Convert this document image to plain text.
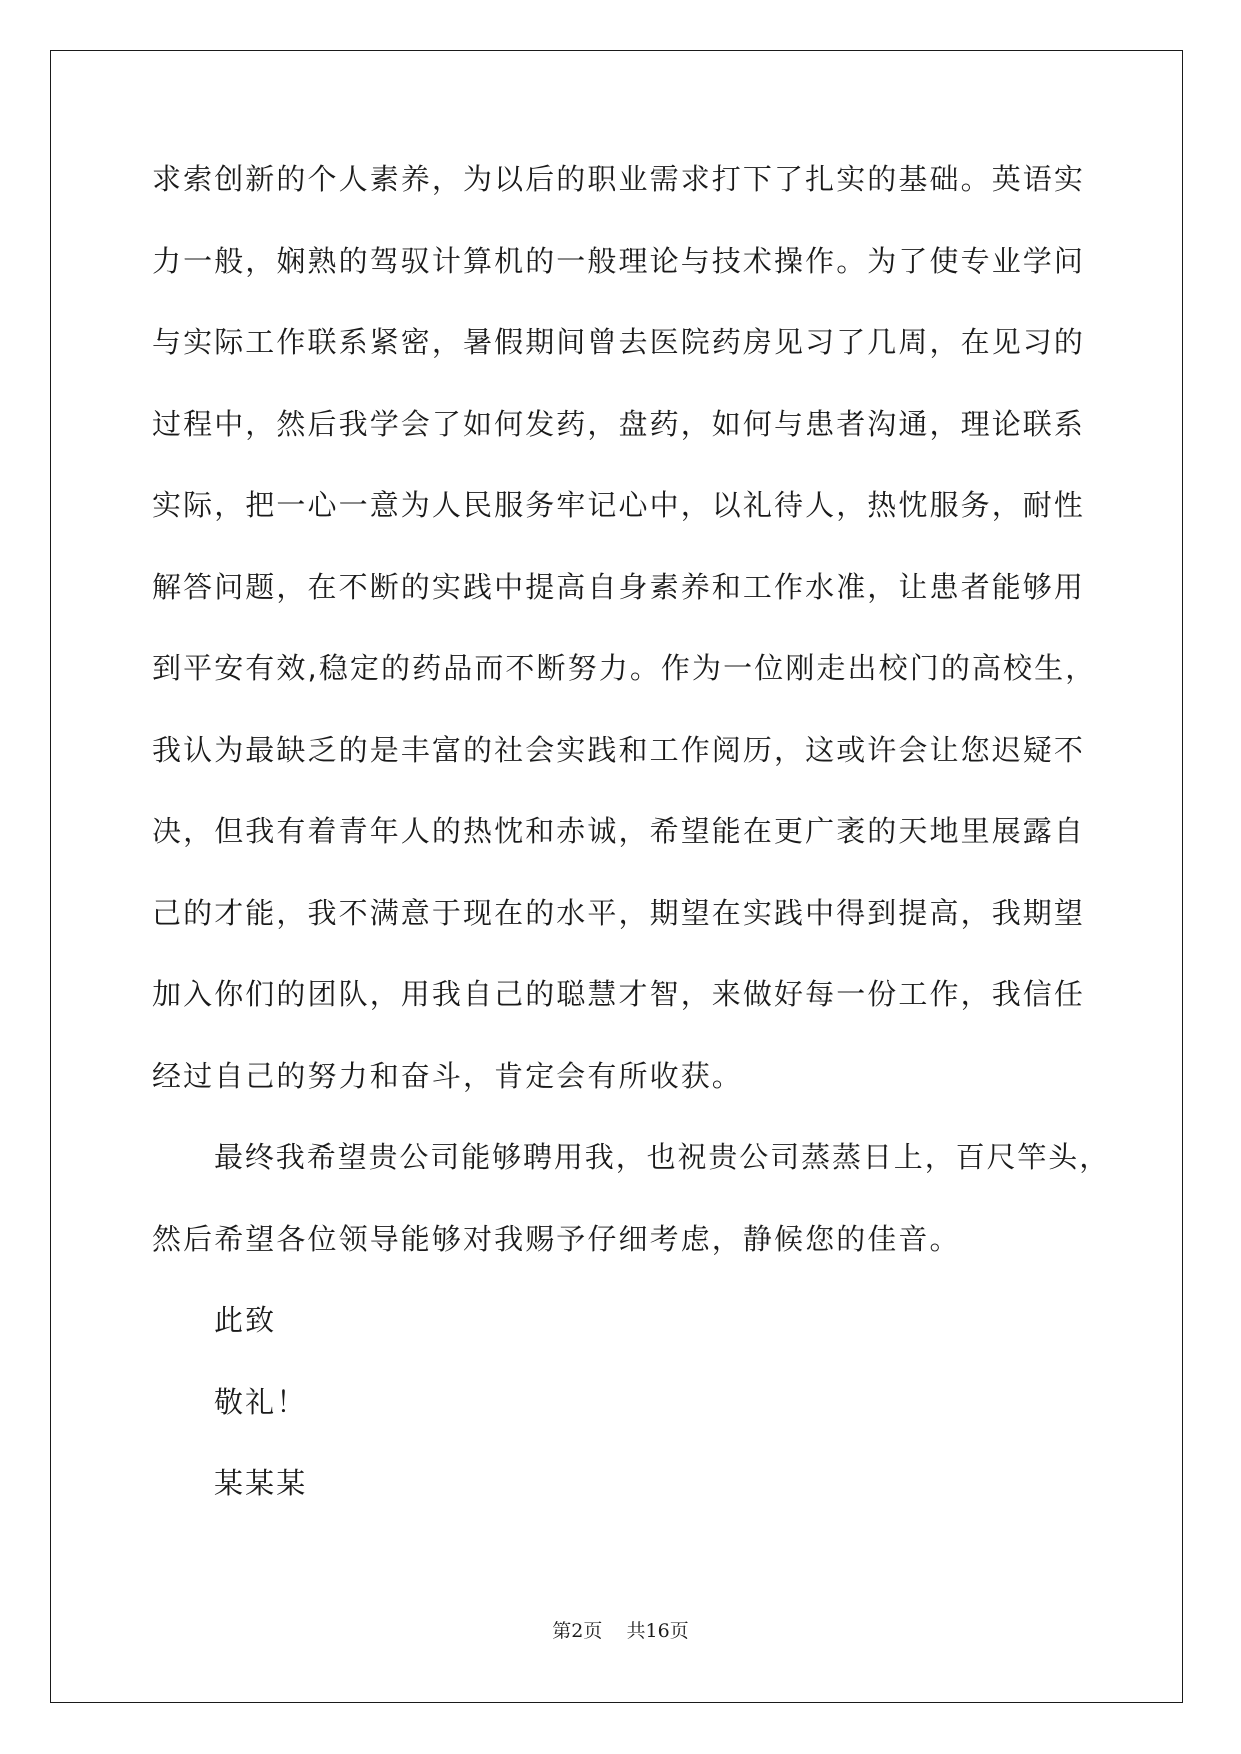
求索创新的个人素养，为以后的职业需求打下了扎实的基础。英语实
力一般，娴熟的驾驭计算机的一般理论与技术操作。为了使专业学问
与实际工作联系紧密，暑假期间曾去医院药房见习了几周，在见习的
过程中，然后我学会了如何发药，盘药，如何与患者沟通，理论联系
实际，把一心一意为人民服务牢记心中，以礼待人，热忱服务，耐性
解答问题，在不断的实践中提高自身素养和工作水准，让患者能够用
到平安有效,稳定的药品而不断努力。作为一位刚走出校门的高校生，
我认为最缺乏的是丰富的社会实践和工作阅历，这或许会让您迟疑不
决，但我有着青年人的热忱和赤诚，希望能在更广袤的天地里展露自
己的才能，我不满意于现在的水平，期望在实践中得到提高，我期望
加入你们的团队，用我自己的聪慧才智，来做好每一份工作，我信任
经过自己的努力和奋斗，肯定会有所收获。
最终我希望贵公司能够聘用我，也祝贵公司蒸蒸日上，百尺竿头，
然后希望各位领导能够对我赐予仔细考虑，静候您的佳音。
此致
敬礼！
某某某
第2页 共16页
